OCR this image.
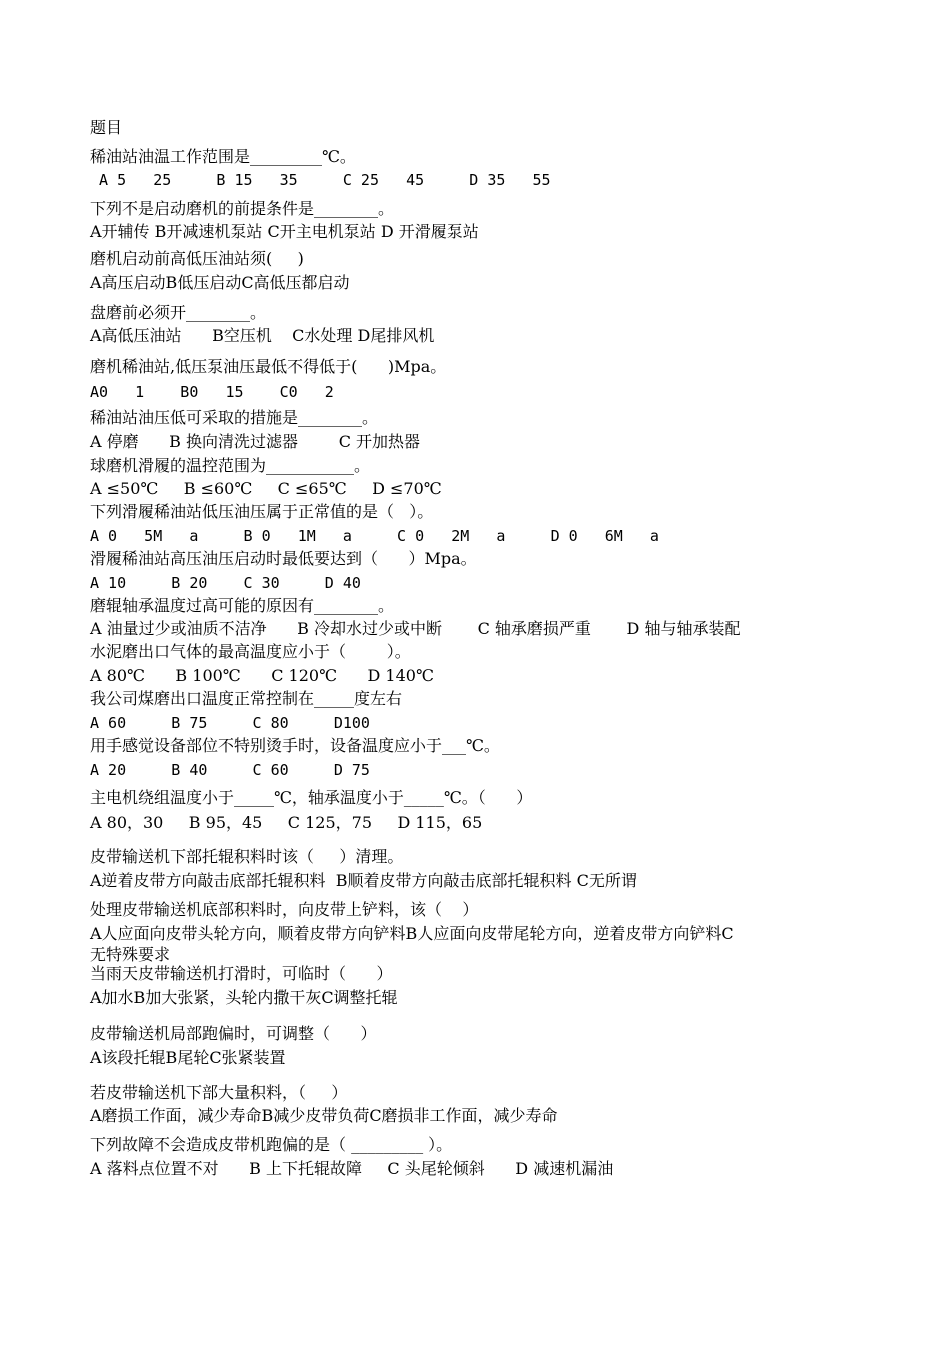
题目
稀油站油温工作范围是_________℃。
A 5   25     B 15   35     C 25   45     D 35   55
下列不是启动磨机的前提条件是________。
A开辅传 B开减速机泵站 C开主电机泵站 D 开滑履泵站
磨机启动前高低压油站须(     )
A高压启动B低压启动C高低压都启动
盘磨前必须开________。
A高低压油站      B空压机    C水处理 D尾排风机
磨机稀油站,低压泵油压最低不得低于(      )Mpa。
A0   1    B0   15    C0   2
稀油站油压低可采取的措施是________。
A 停磨      B 换向清洗过滤器        C 开加热器
球磨机滑履的温控范围为___________。
A ≤50℃     B ≤60℃     C ≤65℃     D ≤70℃
下列滑履稀油站低压油压属于正常值的是（   ）。
A 0   5M   a     B 0   1M   a     C 0   2M   a     D 0   6M   a
滑履稀油站高压油压启动时最低要达到（      ）Mpa。
A 10     B 20    C 30     D 40
磨辊轴承温度过高可能的原因有________。
A 油量过少或油质不洁净      B 冷却水过少或中断       C 轴承磨损严重       D 轴与轴承装配
水泥磨出口气体的最高温度应小于（        ）。
A 80℃      B 100℃      C 120℃      D 140℃
我公司煤磨出口温度正常控制在_____度左右
A 60     B 75     C 80     D100
用手感觉设备部位不特别烫手时，设备温度应小于___℃。
A 20     B 40     C 60     D 75
主电机绕组温度小于_____℃，轴承温度小于_____℃。（      ）
A 80，30     B 95，45     C 125，75     D 115，65
皮带输送机下部托辊积料时该（     ）清理。
A逆着皮带方向敲击底部托辊积料  B顺着皮带方向敲击底部托辊积料 C无所谓
处理皮带输送机底部积料时，向皮带上铲料，该（    ）
A人应面向皮带头轮方向，顺着皮带方向铲料B人应面向皮带尾轮方向，逆着皮带方向铲料C
无特殊要求
当雨天皮带输送机打滑时，可临时（      ）
A加水B加大张紧，头轮内撒干灰C调整托辊
皮带输送机局部跑偏时，可调整（      ）
A该段托辊B尾轮C张紧装置
若皮带输送机下部大量积料，（     ）
A磨损工作面，减少寿命B减少皮带负荷C磨损非工作面，减少寿命
下列故障不会造成皮带机跑偏的是（ _________ ）。
A 落料点位置不对      B 上下托辊故障     C 头尾轮倾斜      D 减速机漏油
